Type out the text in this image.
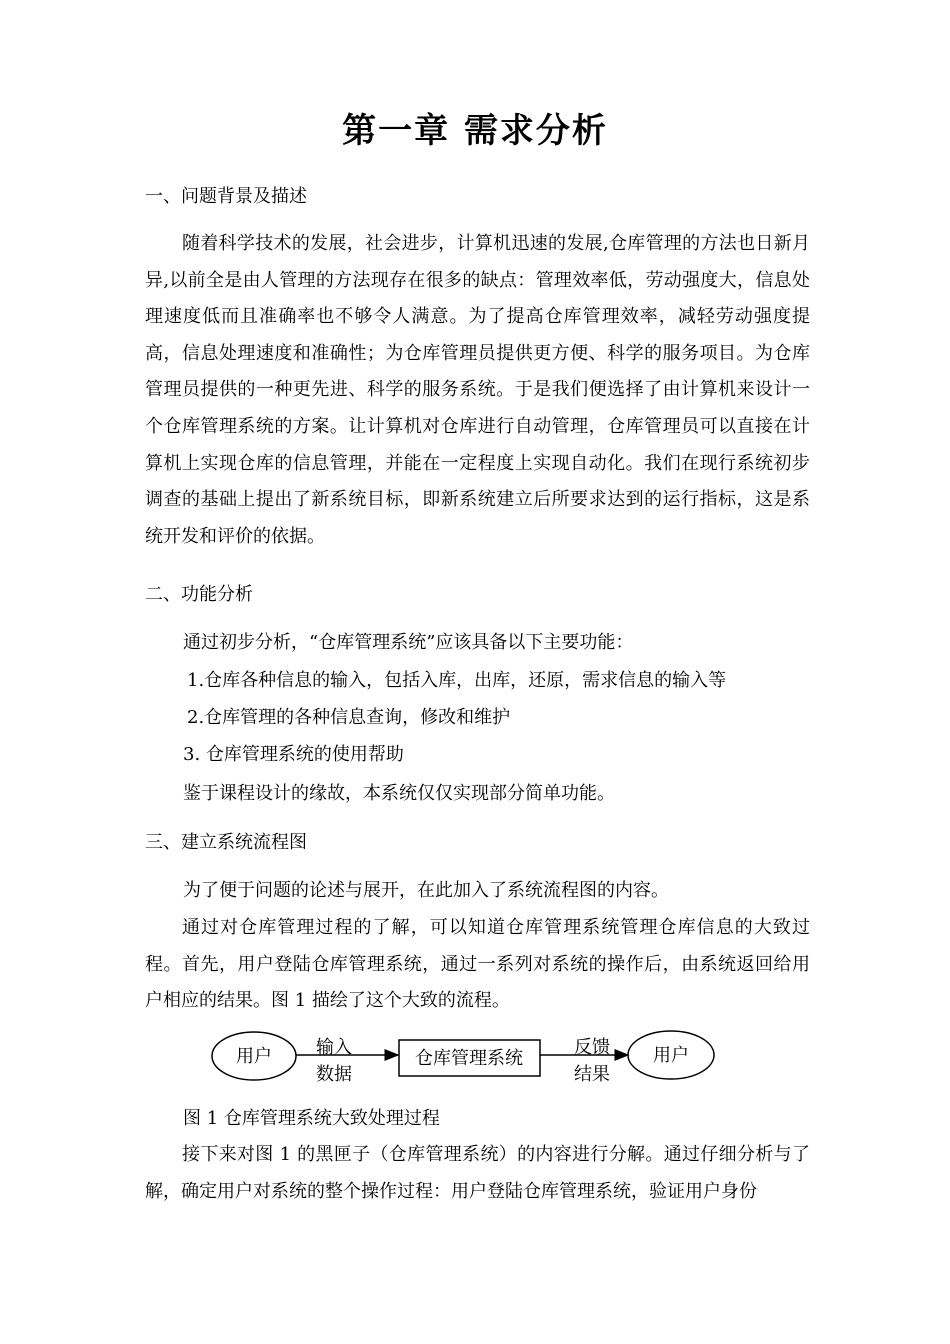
第一章 需求分析
一、问题背景及描述

随着科学技术的发展，社会进步，计算机迅速的发展,仓库管理的方法也日新月异,以前全是由人管理的方法现存在很多的缺点：管理效率低，劳动强度大，信息处理速度低而且准确率也不够令人满意。为了提高仓库管理效率，减轻劳动强度提高，信息处理速度和准确性；为仓库管理员提供更方便、科学的服务项目。为仓库管理员提供的一种更先进、科学的服务系统。于是我们便选择了由计算机来设计一个仓库管理系统的方案。让计算机对仓库进行自动管理，仓库管理员可以直接在计算机上实现仓库的信息管理，并能在一定程度上实现自动化。我们在现行系统初步调查的基础上提出了新系统目标，即新系统建立后所要求达到的运行指标，这是系统开发和评价的依据。

二、功能分析

通过初步分析，“仓库管理系统”应该具备以下主要功能：

1.仓库各种信息的输入，包括入库，出库，还原，需求信息的输入等

2.仓库管理的各种信息查询，修改和维护

3. 仓库管理系统的使用帮助

鉴于课程设计的缘故，本系统仅仅实现部分简单功能。

三、建立系统流程图

为了便于问题的论述与展开，在此加入了系统流程图的内容。

通过对仓库管理过程的了解，可以知道仓库管理系统管理仓库信息的大致过程。首先，用户登陆仓库管理系统，通过一系列对系统的操作后，由系统返回给用户相应的结果。图 1 描绘了这个大致的流程。

用户 输入
数据
仓库管理系统
反馈
结果
用户

图 1 仓库管理系统大致处理过程

接下来对图 1 的黑匣子（仓库管理系统）的内容进行分解。通过仔细分析与了解，确定用户对系统的整个操作过程：用户登陆仓库管理系统，验证用户身份
